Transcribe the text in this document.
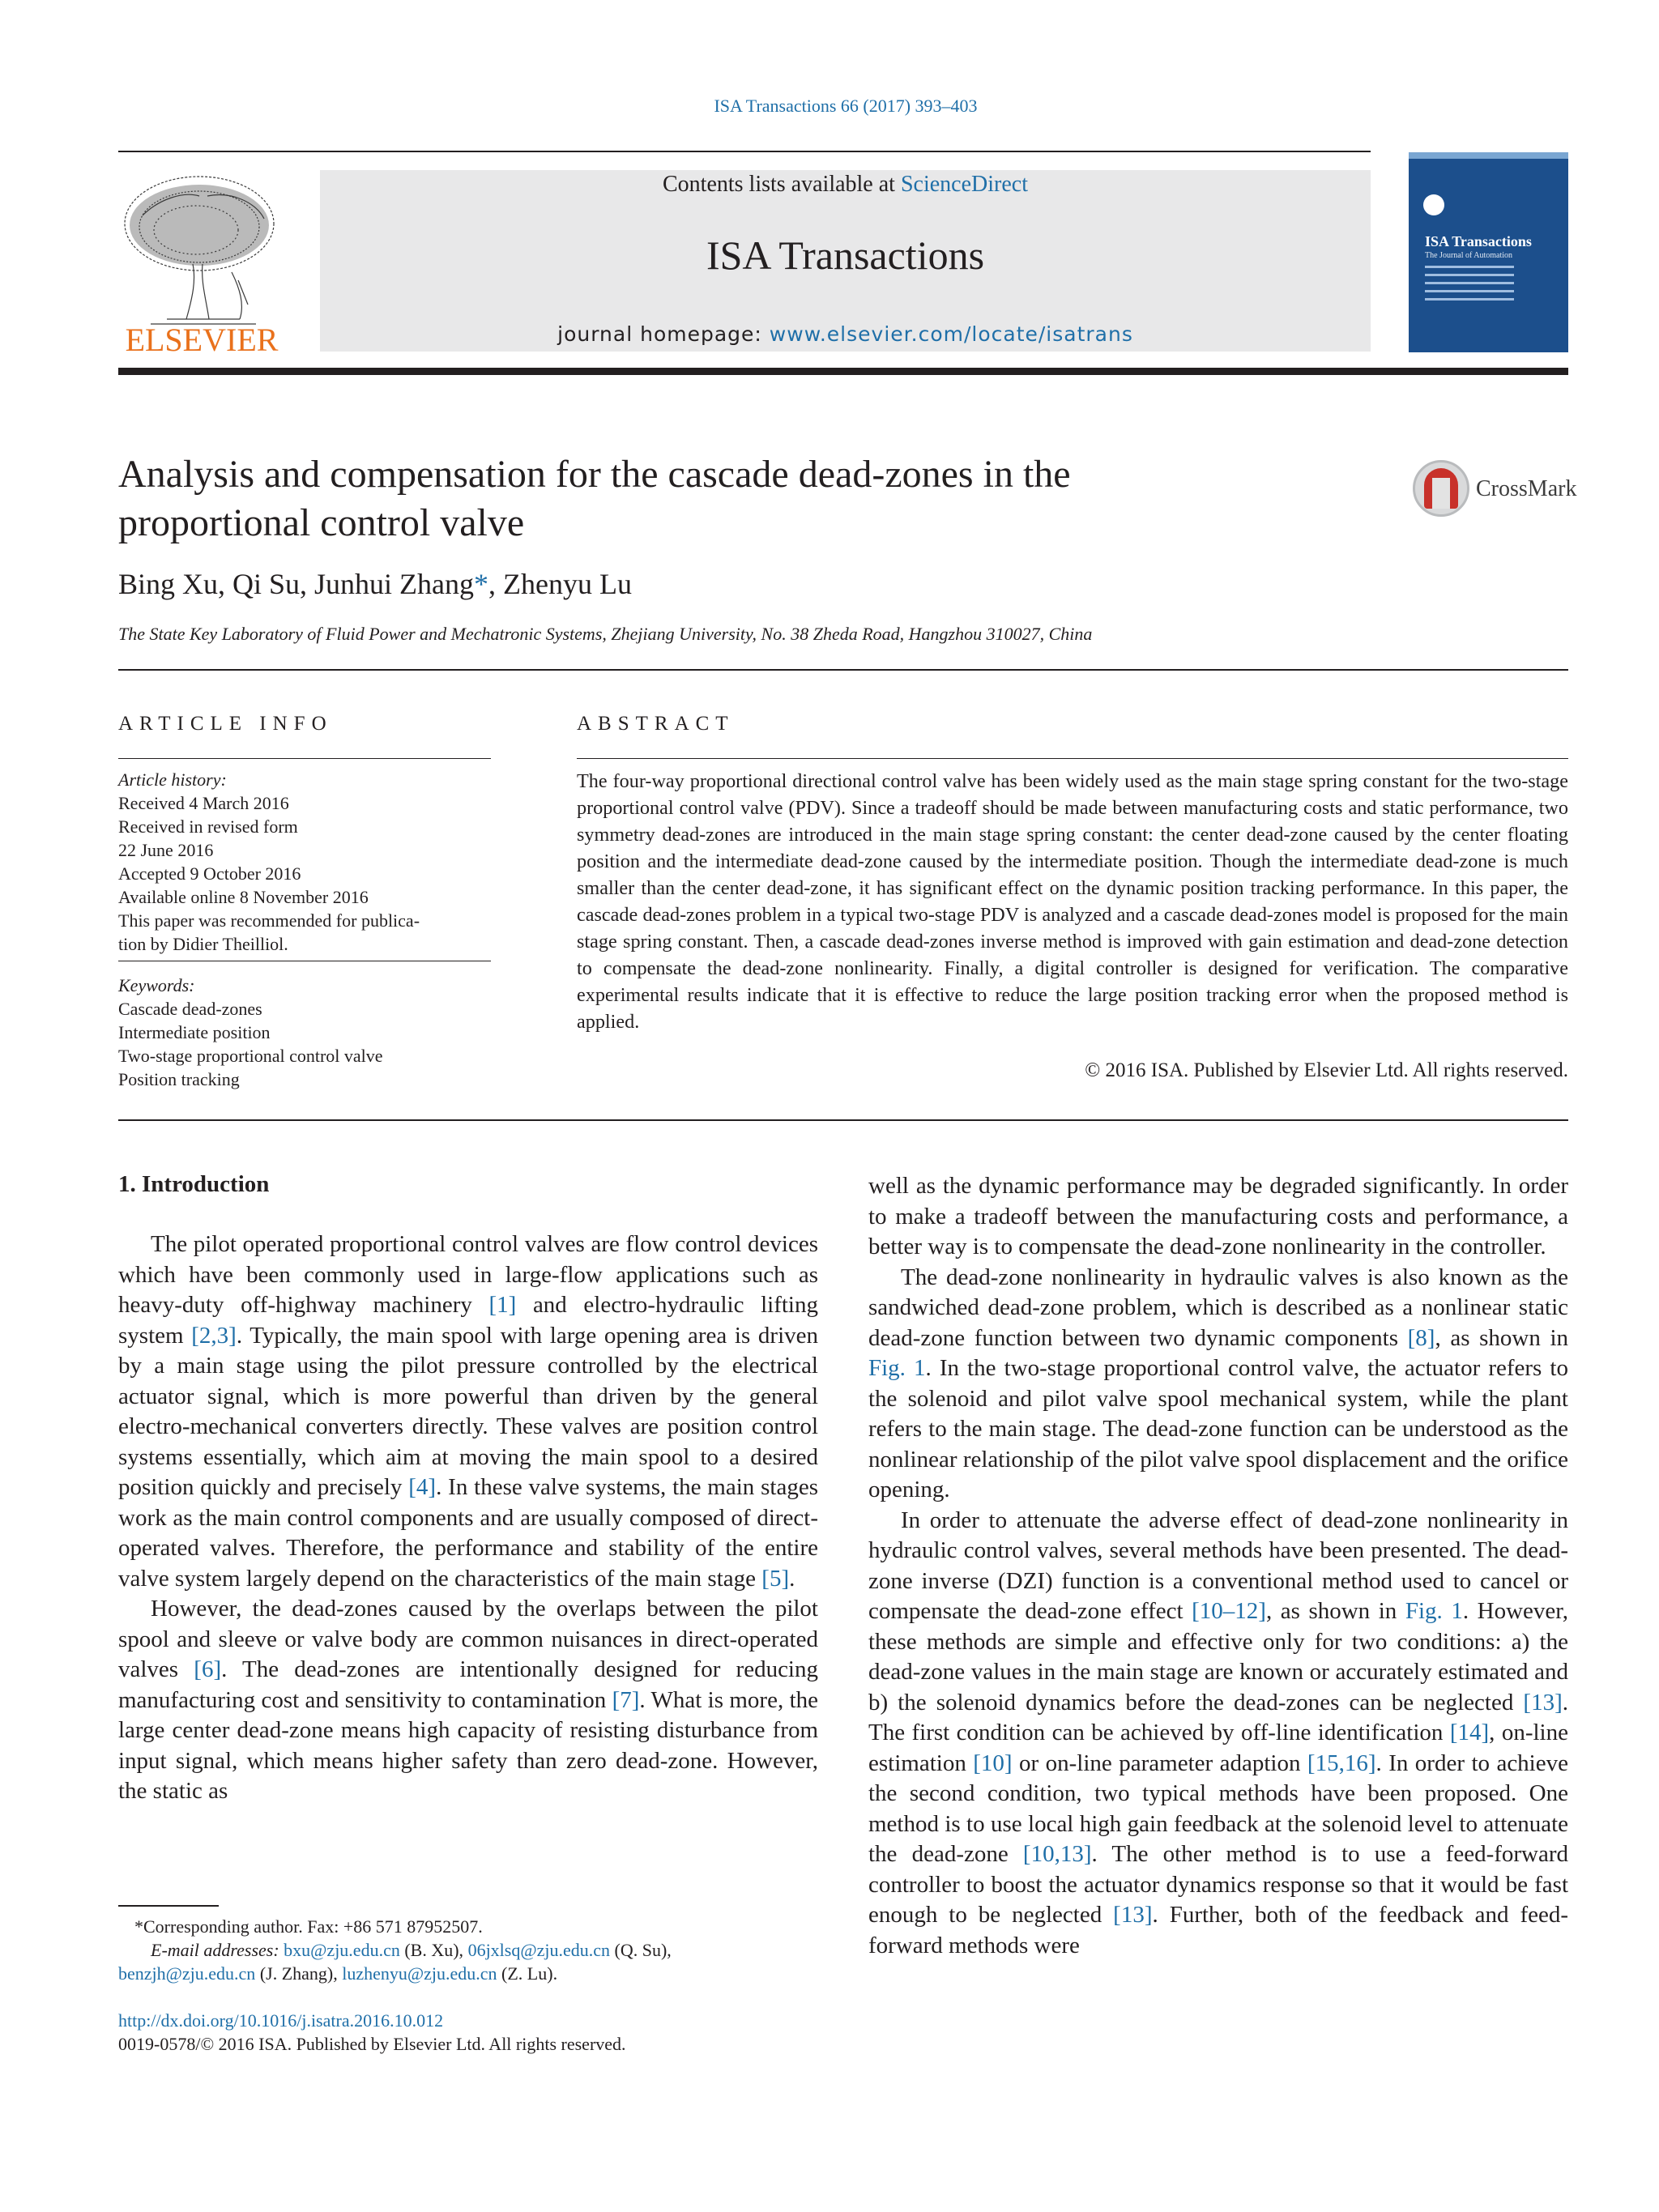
ISA Transactions 66 (2017) 393–403
ELSEVIER
Contents lists available at ScienceDirect
ISA Transactions
journal homepage: www.elsevier.com/locate/isatrans
ISA Transactions
The Journal of Automation
Analysis and compensation for the cascade dead-zones in the
proportional control valve
CrossMark
Bing Xu, Qi Su, Junhui Zhang*, Zhenyu Lu
The State Key Laboratory of Fluid Power and Mechatronic Systems, Zhejiang University, No. 38 Zheda Road, Hangzhou 310027, China
ARTICLE INFO
Article history:
Received 4 March 2016
Received in revised form
22 June 2016
Accepted 9 October 2016
Available online 8 November 2016
This paper was recommended for publica-
tion by Didier Theilliol.
Keywords:
Cascade dead-zones
Intermediate position
Two-stage proportional control valve
Position tracking
ABSTRACT
The four-way proportional directional control valve has been widely used as the main stage spring constant for the two-stage proportional control valve (PDV). Since a tradeoff should be made between manufacturing costs and static performance, two symmetry dead-zones are introduced in the main stage spring constant: the center dead-zone caused by the center floating position and the intermediate dead-zone caused by the intermediate position. Though the intermediate dead-zone is much smaller than the center dead-zone, it has significant effect on the dynamic position tracking performance. In this paper, the cascade dead-zones problem in a typical two-stage PDV is analyzed and a cascade dead-zones model is proposed for the main stage spring constant. Then, a cascade dead-zones inverse method is improved with gain estimation and dead-zone detection to compensate the dead-zone nonlinearity. Finally, a digital controller is designed for verification. The comparative experimental results indicate that it is effective to reduce the large position tracking error when the proposed method is applied.
© 2016 ISA. Published by Elsevier Ltd. All rights reserved.
1. Introduction

The pilot operated proportional control valves are flow control devices which have been commonly used in large-flow applications such as heavy-duty off-highway machinery [1] and electro-hydraulic lifting system [2,3]. Typically, the main spool with large opening area is driven by a main stage using the pilot pressure controlled by the electrical actuator signal, which is more powerful than driven by the general electro-mechanical converters directly. These valves are position control systems essentially, which aim at moving the main spool to a desired position quickly and precisely [4]. In these valve systems, the main stages work as the main control components and are usually composed of direct-operated valves. Therefore, the performance and stability of the entire valve system largely depend on the characteristics of the main stage [5].

However, the dead-zones caused by the overlaps between the pilot spool and sleeve or valve body are common nuisances in direct-operated valves [6]. The dead-zones are intentionally designed for reducing manufacturing cost and sensitivity to contamination [7]. What is more, the large center dead-zone means high capacity of resisting disturbance from input signal, which means higher safety than zero dead-zone. However, the static as

well as the dynamic performance may be degraded significantly. In order to make a tradeoff between the manufacturing costs and performance, a better way is to compensate the dead-zone nonlinearity in the controller.

The dead-zone nonlinearity in hydraulic valves is also known as the sandwiched dead-zone problem, which is described as a nonlinear static dead-zone function between two dynamic components [8], as shown in Fig. 1. In the two-stage proportional control valve, the actuator refers to the solenoid and pilot valve spool mechanical system, while the plant refers to the main stage. The dead-zone function can be understood as the nonlinear relationship of the pilot valve spool displacement and the orifice opening.

In order to attenuate the adverse effect of dead-zone nonlinearity in hydraulic control valves, several methods have been presented. The dead-zone inverse (DZI) function is a conventional method used to cancel or compensate the dead-zone effect [10–12], as shown in Fig. 1. However, these methods are simple and effective only for two conditions: a) the dead-zone values in the main stage are known or accurately estimated and b) the solenoid dynamics before the dead-zones can be neglected [13]. The first condition can be achieved by off-line identification [14], on-line estimation [10] or on-line parameter adaption [15,16]. In order to achieve the second condition, two typical methods have been proposed. One method is to use local high gain feedback at the solenoid level to attenuate the dead-zone [10,13]. The other method is to use a feed-forward controller to boost the actuator dynamics response so that it would be fast enough to be neglected [13]. Further, both of the feedback and feed-forward methods were

*Corresponding author. Fax: +86 571 87952507.
E-mail addresses: bxu@zju.edu.cn (B. Xu), 06jxlsq@zju.edu.cn (Q. Su),
benzjh@zju.edu.cn (J. Zhang), luzhenyu@zju.edu.cn (Z. Lu).
http://dx.doi.org/10.1016/j.isatra.2016.10.012
0019-0578/© 2016 ISA. Published by Elsevier Ltd. All rights reserved.
